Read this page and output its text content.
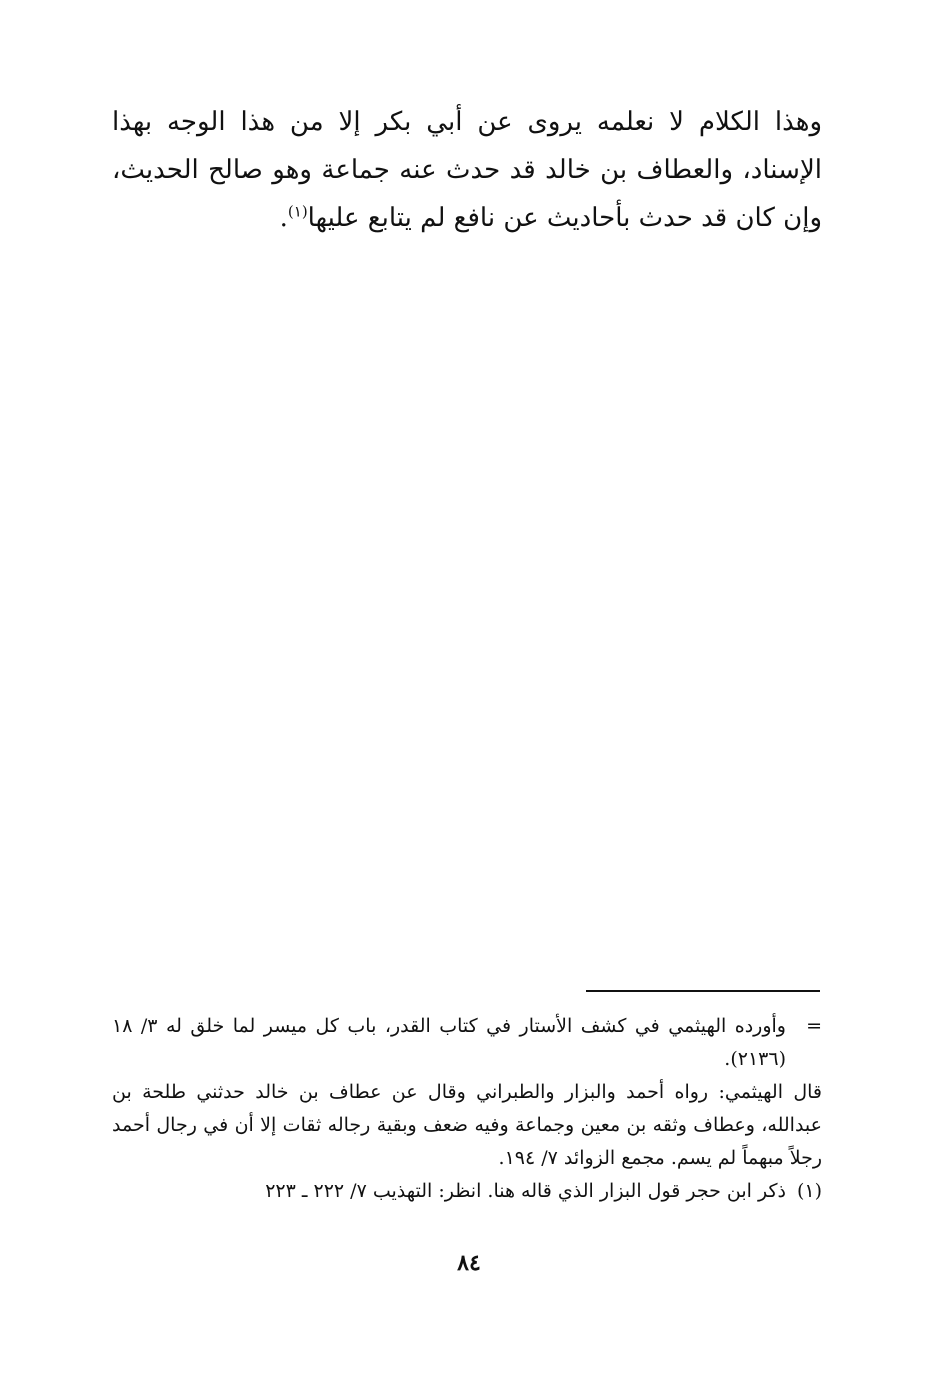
وهذا الكلام لا نعلمه يروى عن أبي بكر إلا من هذا الوجه بهذا الإسناد، والعطاف بن خالد قد حدث عنه جماعة وهو صالح الحديث، وإن كان قد حدث بأحاديث عن نافع لم يتابع عليها$^{(١)}$.

=
وأورده الهيثمي في كشف الأستار في كتاب القدر، باب كل ميسر لما خلق له ٣/ ١٨ (٢١٣٦).

قال الهيثمي: رواه أحمد والبزار والطبراني وقال عن عطاف بن خالد حدثني طلحة بن عبدالله، وعطاف وثقه بن معين وجماعة وفيه ضعف وبقية رجاله ثقات إلا أن في رجال أحمد رجلاً مبهماً لم يسم. مجمع الزوائد ٧/ ١٩٤.

(١)
ذكر ابن حجر قول البزار الذي قاله هنا. انظر: التهذيب ٧/ ٢٢٢ ـ ٢٢٣
٨٤
